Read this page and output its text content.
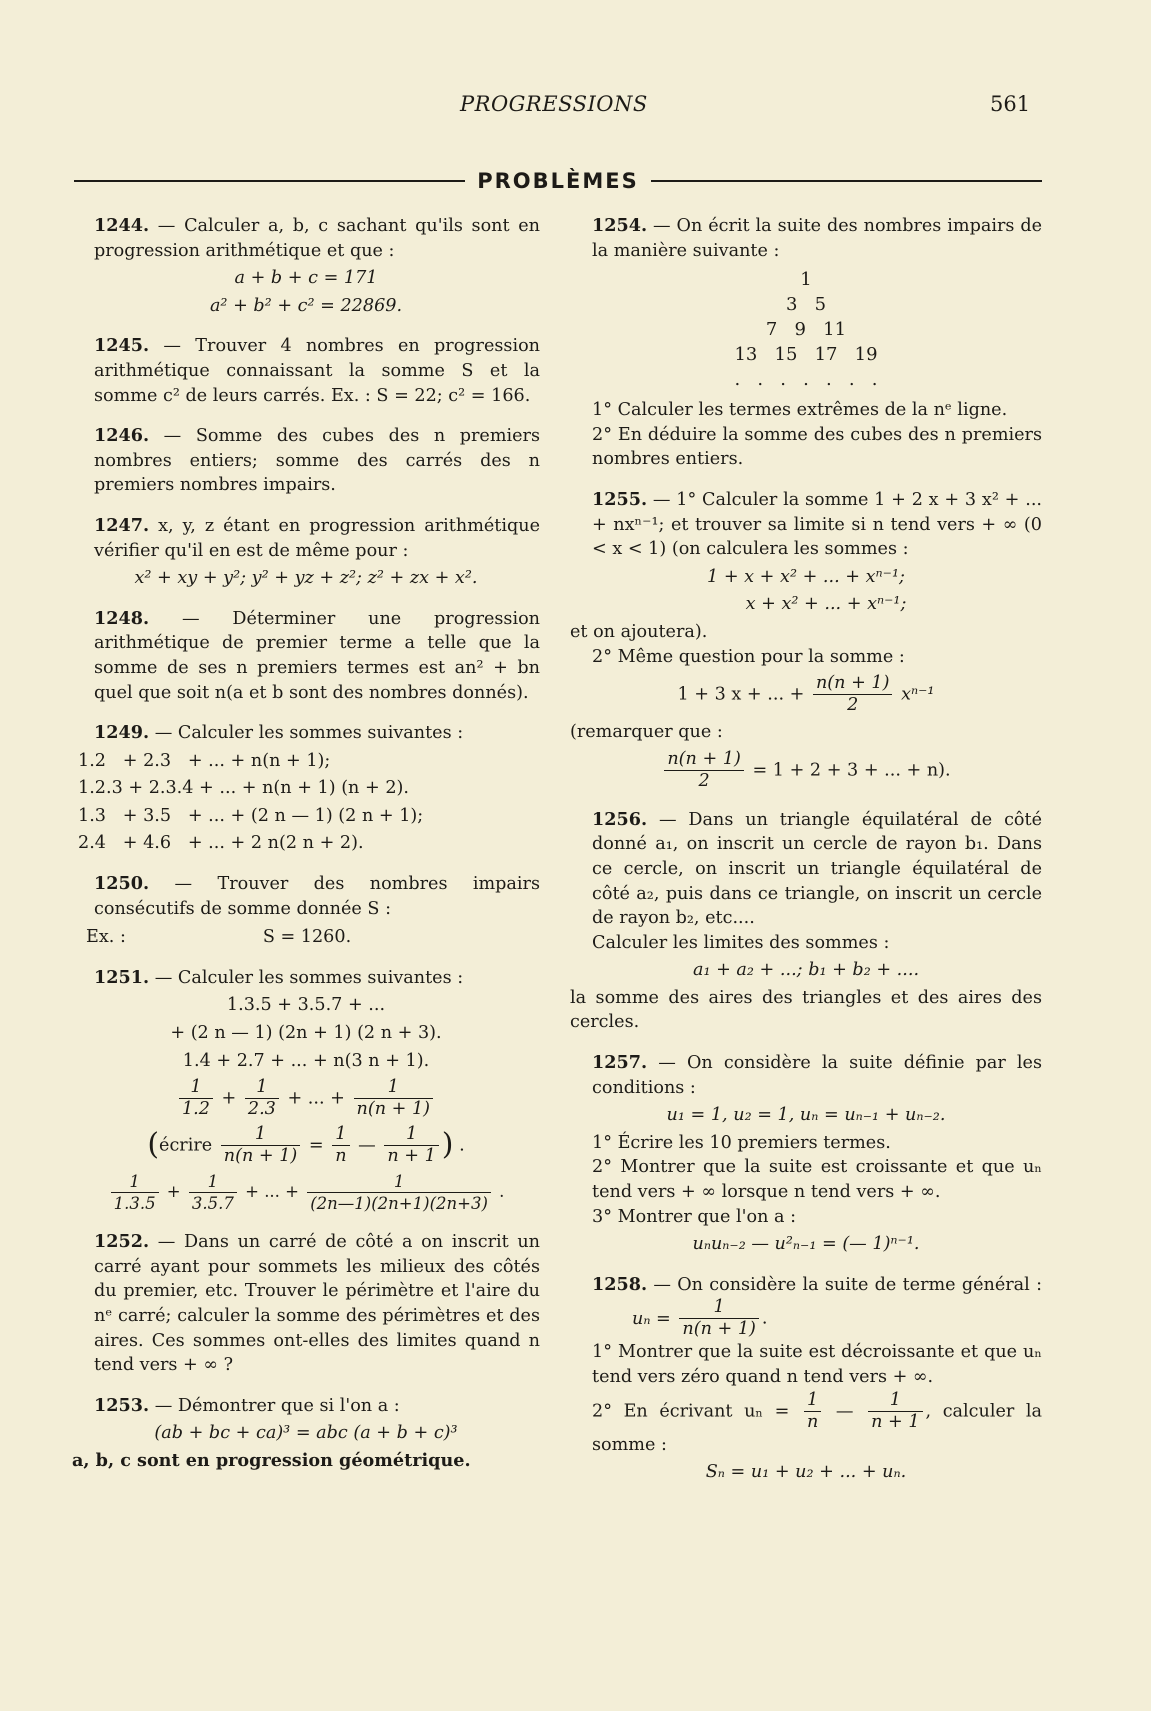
PROGRESSIONS	561
PROBLÈMES

1244. — Calculer a, b, c sachant qu'ils sont en progression arithmétique et que :

a + b + c = 171
a² + b² + c² = 22869.

1245. — Trouver 4 nombres en progression arithmétique connaissant la somme S et la somme c² de leurs carrés. Ex. : S = 22; c² = 166.

1246. — Somme des cubes des n premiers nombres entiers; somme des carrés des n premiers nombres impairs.

1247. x, y, z étant en progression arithmétique vérifier qu'il en est de même pour :

x² + xy + y²; y² + yz + z²; z² + zx + x².

1248. — Déterminer une progression arithmétique de premier terme a telle que la somme de ses n premiers termes est an² + bn quel que soit n(a et b sont des nombres donnés).

1249. — Calculer les sommes suivantes :

1.2   + 2.3   + ... + n(n + 1);
1.2.3 + 2.3.4 + ... + n(n + 1) (n + 2).
1.3   + 3.5   + ... + (2 n — 1) (2 n + 1);
2.4   + 4.6   + ... + 2 n(2 n + 2).

1250. — Trouver des nombres impairs consécutifs de somme donnée S :

Ex. :	S = 1260.

1251. — Calculer les sommes suivantes :

1.3.5 + 3.5.7 + ...
+ (2 n — 1) (2n + 1) (2 n + 3).
1.4 + 2.7 + ... + n(3 n + 1).
$\frac{1}{1.2} + \frac{1}{2.3}$ + ... + $\frac{1}{n(n + 1)}$
(écrire $\frac{1}{n(n + 1)} = \frac{1}{n}$ — $\frac{1}{n + 1}$ ) .
$\frac{1}{1.3.5} + \frac{1}{3.5.7}$ + ... + $\frac{1}{(2n—1)(2n+1)(2n+3)}$ .

1252. — Dans un carré de côté a on inscrit un carré ayant pour sommets les milieux des côtés du premier, etc. Trouver le périmètre et l'aire du nᵉ carré; calculer la somme des périmètres et des aires. Ces sommes ont-elles des limites quand n tend vers + ∞ ?

1253. — Démontrer que si l'on a :

(ab + bc + ca)³ = abc (a + b + c)³

a, b, c sont en progression géométrique.

1254. — On écrit la suite des nombres impairs de la manière suivante :

1
3   5
7   9   11
13   15   17   19
.   .   .   .   .   .   .

1° Calculer les termes extrêmes de la nᵉ ligne.

2° En déduire la somme des cubes des n premiers nombres entiers.

1255. — 1° Calculer la somme 1 + 2 x + 3 x² + ... + nxⁿ⁻¹; et trouver sa limite si n tend vers + ∞ (0 < x < 1) (on calculera les sommes :

1 + x + x² + ... + xⁿ⁻¹;
x + x² + ... + xⁿ⁻¹;

et on ajoutera).

2° Même question pour la somme :

1 + 3 x + ... + $\frac{n(n + 1)}{2} x^{n-1}$

(remarquer que :

$\frac{n(n + 1)}{2} = 1 + 2 + 3$ + ... + n).

1256. — Dans un triangle équilatéral de côté donné a₁, on inscrit un cercle de rayon b₁. Dans ce cercle, on inscrit un triangle équilatéral de côté a₂, puis dans ce triangle, on inscrit un cercle de rayon b₂, etc....

Calculer les limites des sommes :

a₁ + a₂ + ...; b₁ + b₂ + ....

la somme des aires des triangles et des aires des cercles.

1257. — On considère la suite définie par les conditions :

u₁ = 1, u₂ = 1, uₙ = uₙ₋₁ + uₙ₋₂.

1° Écrire les 10 premiers termes.

2° Montrer que la suite est croissante et que uₙ tend vers + ∞ lorsque n tend vers + ∞.

3° Montrer que l'on a :

uₙuₙ₋₂ — u²ₙ₋₁ = (— 1)ⁿ⁻¹.

1258. — On considère la suite de terme général : $u_n = \frac{1}{n(n + 1)}$ .

1° Montrer que la suite est décroissante et que uₙ tend vers zéro quand n tend vers + ∞.

2° En écrivant $u_n = \frac{1}{n}$ — $\frac{1}{n + 1}$ , calculer la somme :

Sₙ = u₁ + u₂ + ... + uₙ.
